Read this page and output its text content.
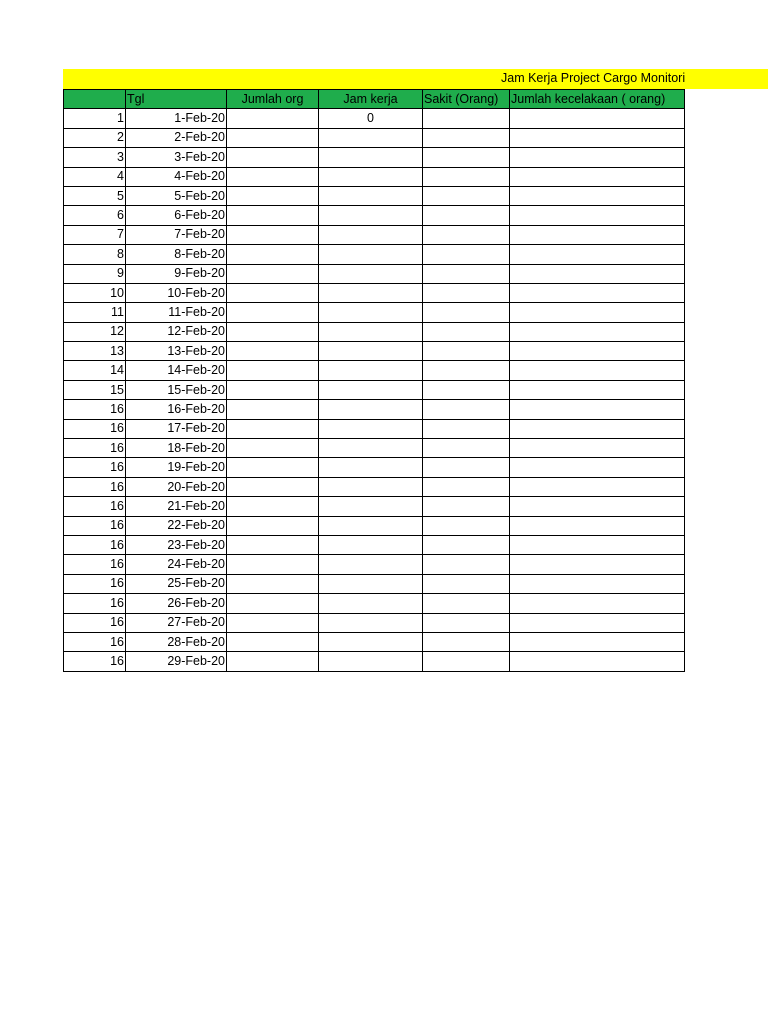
Jam Kerja Project Cargo Monitori
	Tgl	Jumlah org	Jam kerja	Sakit (Orang)	Jumlah kecelakaan ( orang)
1	1-Feb-20		0		
2	2-Feb-20				
3	3-Feb-20				
4	4-Feb-20				
5	5-Feb-20				
6	6-Feb-20				
7	7-Feb-20				
8	8-Feb-20				
9	9-Feb-20				
10	10-Feb-20				
11	11-Feb-20				
12	12-Feb-20				
13	13-Feb-20				
14	14-Feb-20				
15	15-Feb-20				
16	16-Feb-20				
16	17-Feb-20				
16	18-Feb-20				
16	19-Feb-20				
16	20-Feb-20				
16	21-Feb-20				
16	22-Feb-20				
16	23-Feb-20				
16	24-Feb-20				
16	25-Feb-20				
16	26-Feb-20				
16	27-Feb-20				
16	28-Feb-20				
16	29-Feb-20				
